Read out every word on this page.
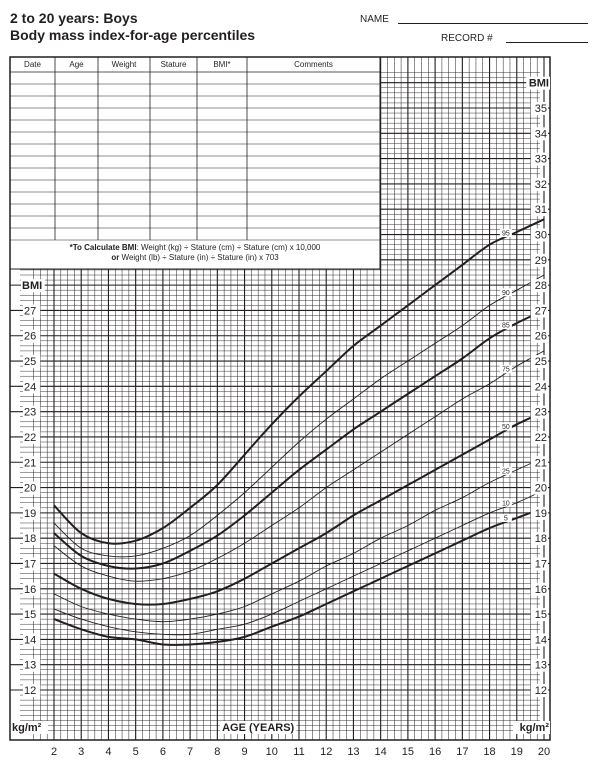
2 to 20 years: Boys
Body mass index-for-age percentiles
NAME
RECORD #
95
90
85
75
50
25
10
5
12
13
14
15
16
17
18
19
20
21
22
23
24
25
26
27
28
29
30
31
32
33
34
35
12
13
14
15
16
17
18
19
20
21
22
23
24
25
26
27
BMI
BMI
kg/m²	kg/m²
AGE (YEARS)
2 3 4 5 6 7 8 9 10 11 12 13 14 15 16 17 18 19 20
Date	Age	Weight	Stature	BMI*	Comments
*To Calculate BMI: Weight (kg) ÷ Stature (cm) ÷ Stature (cm) x 10,000
or Weight (lb) ÷ Stature (in) ÷ Stature (in) x 703
